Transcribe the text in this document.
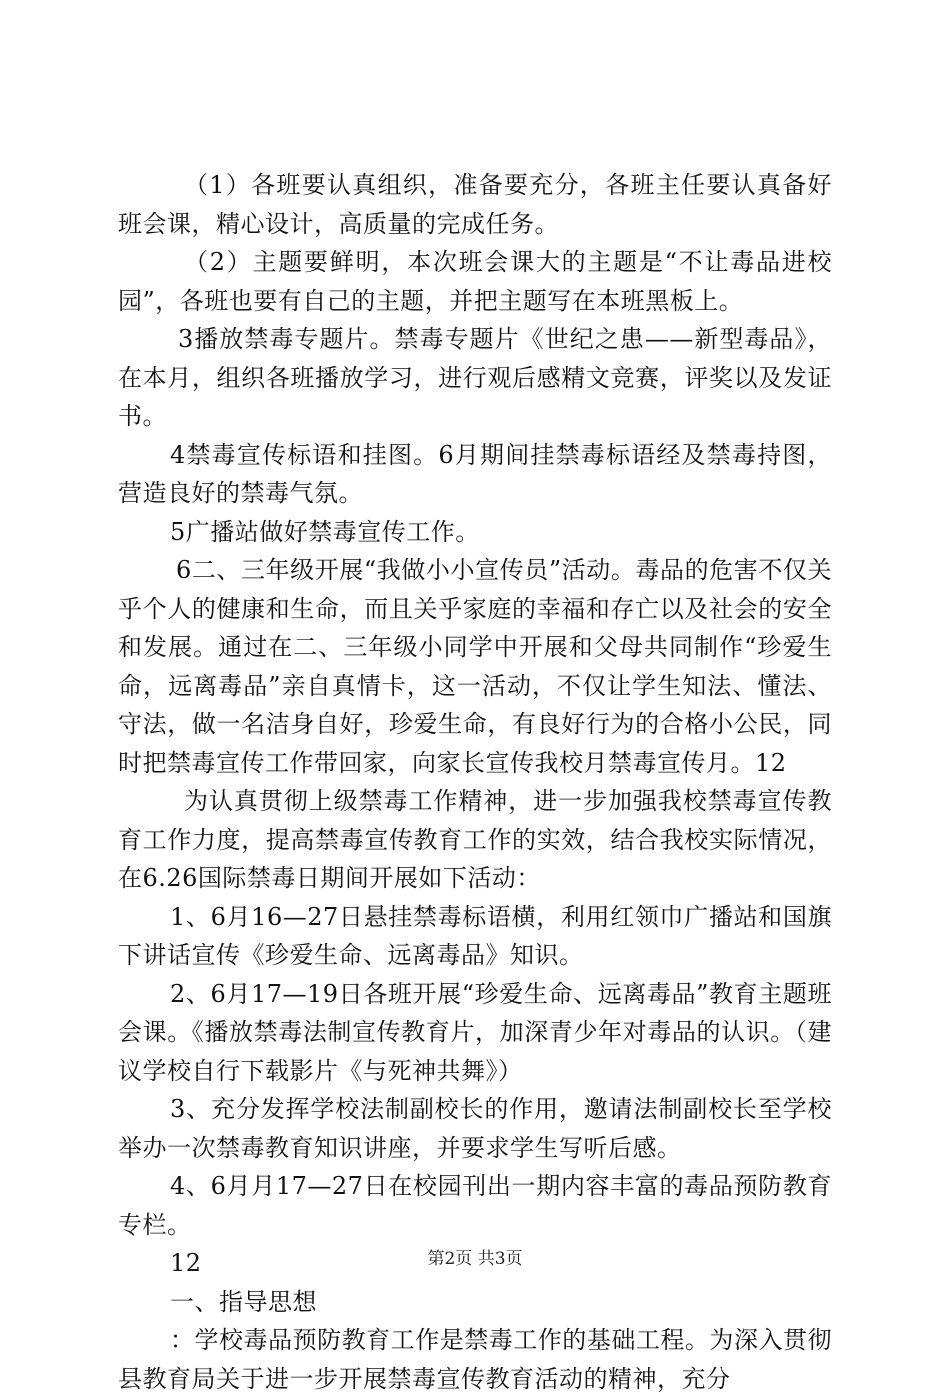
（1）各班要认真组织，准备要充分，各班主任要认真备好班会课，精心设计，高质量的完成任务。

（2）主题要鲜明，本次班会课大的主题是“不让毒品进校园”，各班也要有自己的主题，并把主题写在本班黑板上。

3播放禁毒专题片。禁毒专题片《世纪之患——新型毒品》，在本月，组织各班播放学习，进行观后感精文竞赛，评奖以及发证书。

4禁毒宣传标语和挂图。6月期间挂禁毒标语经及禁毒持图，营造良好的禁毒气氛。

5广播站做好禁毒宣传工作。

6二、三年级开展“我做小小宣传员”活动。毒品的危害不仅关乎个人的健康和生命，而且关乎家庭的幸福和存亡以及社会的安全和发展。通过在二、三年级小同学中开展和父母共同制作“珍爱生命，远离毒品”亲自真情卡，这一活动，不仅让学生知法、懂法、守法，做一名洁身自好，珍爱生命，有良好行为的合格小公民，同时把禁毒宣传工作带回家，向家长宣传我校月禁毒宣传月。12

为认真贯彻上级禁毒工作精神，进一步加强我校禁毒宣传教育工作力度，提高禁毒宣传教育工作的实效，结合我校实际情况，在6.26国际禁毒日期间开展如下活动：

1、6月16—27日悬挂禁毒标语横，利用红领巾广播站和国旗下讲话宣传《珍爱生命、远离毒品》知识。

2、6月17—19日各班开展“珍爱生命、远离毒品”教育主题班会课。《播放禁毒法制宣传教育片，加深青少年对毒品的认识。（建议学校自行下载影片《与死神共舞》）

3、充分发挥学校法制副校长的作用，邀请法制副校长至学校举办一次禁毒教育知识讲座，并要求学生写听后感。

4、6月月17—27日在校园刊出一期内容丰富的毒品预防教育专栏。

12

一、指导思想

：学校毒品预防教育工作是禁毒工作的基础工程。为深入贯彻县教育局关于进一步开展禁毒宣传教育活动的精神，充分

第2页 共3页
